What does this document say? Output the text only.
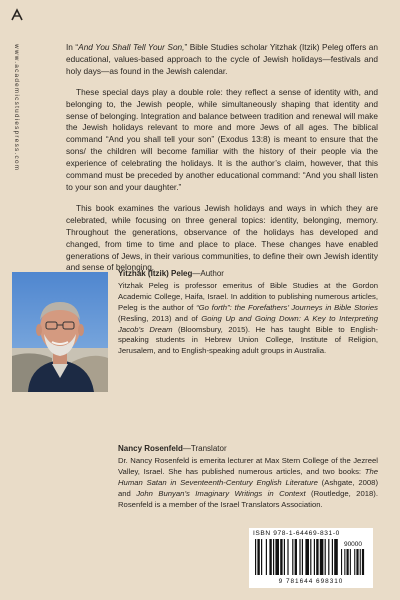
www.academicstudiespress.com	In “And You Shall Tell Your Son,” Bible Studies scholar Yitzhak (Itzik) Peleg offers an educational, values-based approach to the cycle of Jewish holidays—festivals and holy days—as found in the Jewish calendar.

These special days play a double role: they reflect a sense of identity with, and belonging to, the Jewish people, while simultaneously shaping that identity and sense of belonging. Integration and balance between tradition and renewal will make the Jewish holidays relevant to more and more Jews of all ages. The biblical command “And you shall tell your son” (Exodus 13:8) is meant to ensure that the sons/ the children will become familiar with the history of their people via the experience of celebrating the holidays. It is the author’s claim, however, that this command must be preceded by another educational command: “And you shall listen to your son and your daughter.”

This book examines the various Jewish holidays and ways in which they are celebrated, while focusing on three general topics: identity, belonging, memory. Throughout the generations, observance of the holidays has developed and changed, from time to time and place to place. These changes have enabled generations of Jews, in their various communities, to define their own Jewish identity and sense of belonging.

Yitzhak (Itzik) Peleg—Author
Yitzhak Peleg is professor emeritus of Bible Studies at the Gordon Academic College, Haifa, Israel. In addition to publishing numerous articles, Peleg is the author of “Go forth”: the Forefathers’ Journeys in Bible Stories (Resling, 2013) and of Going Up and Going Down: A Key to Interpreting Jacob’s Dream (Bloomsbury, 2015). He has taught Bible to English-speaking students in Hebrew Union College, Institute of Religion, Jerusalem, and to English-speaking adult groups in Australia.
Nancy Rosenfeld—Translator
Dr. Nancy Rosenfeld is emerita lecturer at Max Stern College of the Jezreel Valley, Israel. She has published numerous articles, and two books: The Human Satan in Seventeenth-Century English Literature (Ashgate, 2008) and John Bunyan’s Imaginary Writings in Context (Routledge, 2018). Rosenfeld is a member of the Israel Translators Association.
ISBN 978-1-64469-831-0
90000
9 781644 698310
